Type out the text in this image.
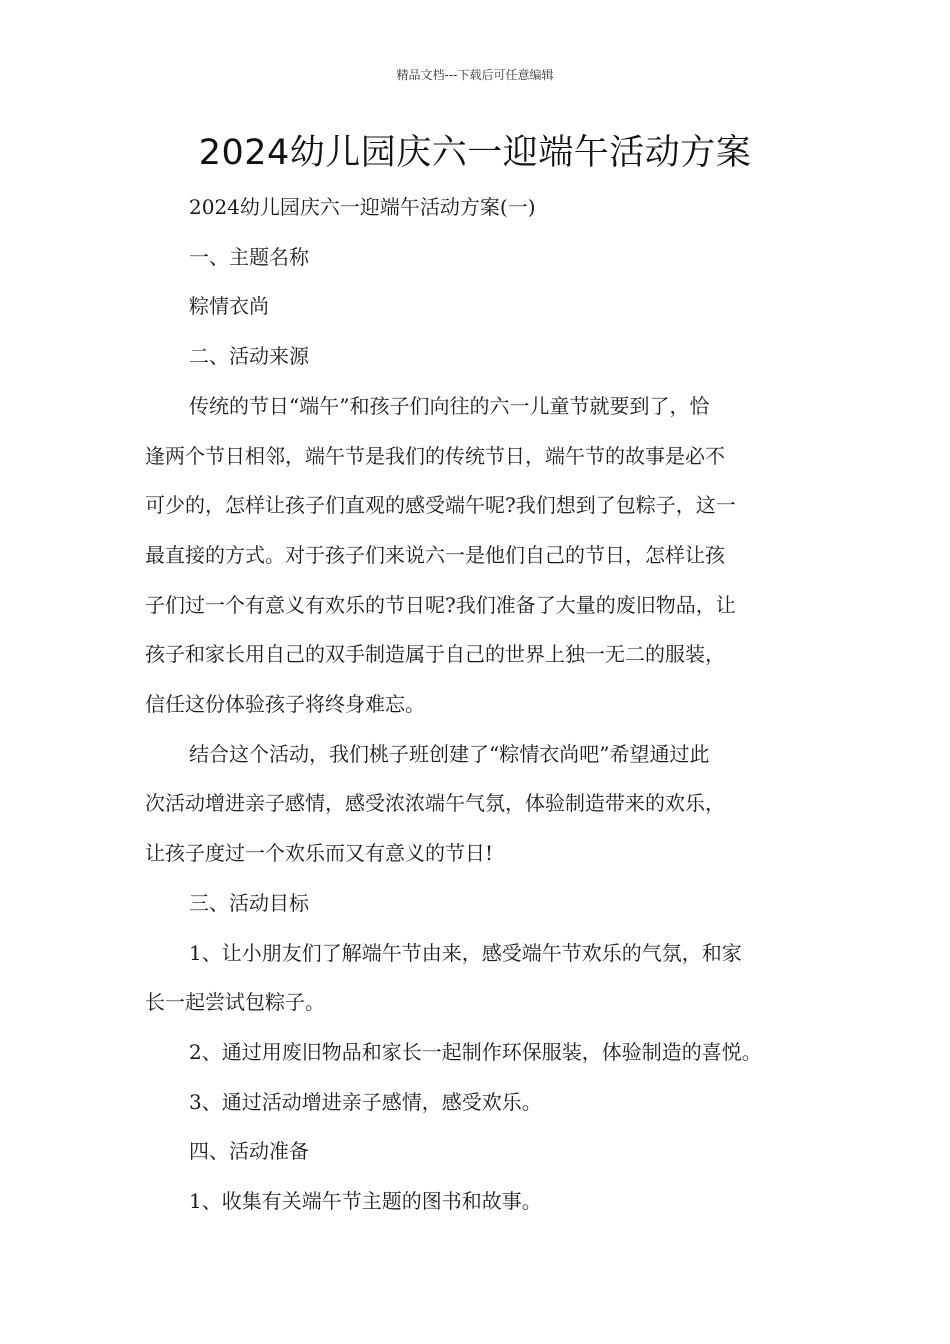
精品文档---下载后可任意编辑
2024幼儿园庆六一迎端午活动方案

2024幼儿园庆六一迎端午活动方案(一)

一、主题名称

粽情衣尚

二、活动来源

传统的节日“端午”和孩子们向往的六一儿童节就要到了，恰
逢两个节日相邻，端午节是我们的传统节日，端午节的故事是必不
可少的，怎样让孩子们直观的感受端午呢?我们想到了包粽子，这一
最直接的方式。对于孩子们来说六一是他们自己的节日，怎样让孩
子们过一个有意义有欢乐的节日呢?我们准备了大量的废旧物品，让
孩子和家长用自己的双手制造属于自己的世界上独一无二的服装，
信任这份体验孩子将终身难忘。
结合这个活动，我们桃子班创建了“粽情衣尚吧”希望通过此
次活动增进亲子感情，感受浓浓端午气氛，体验制造带来的欢乐，
让孩子度过一个欢乐而又有意义的节日!

三、活动目标

1、让小朋友们了解端午节由来，感受端午节欢乐的气氛，和家
长一起尝试包粽子。

2、通过用废旧物品和家长一起制作环保服装，体验制造的喜悦。

3、通过活动增进亲子感情，感受欢乐。

四、活动准备

1、收集有关端午节主题的图书和故事。
